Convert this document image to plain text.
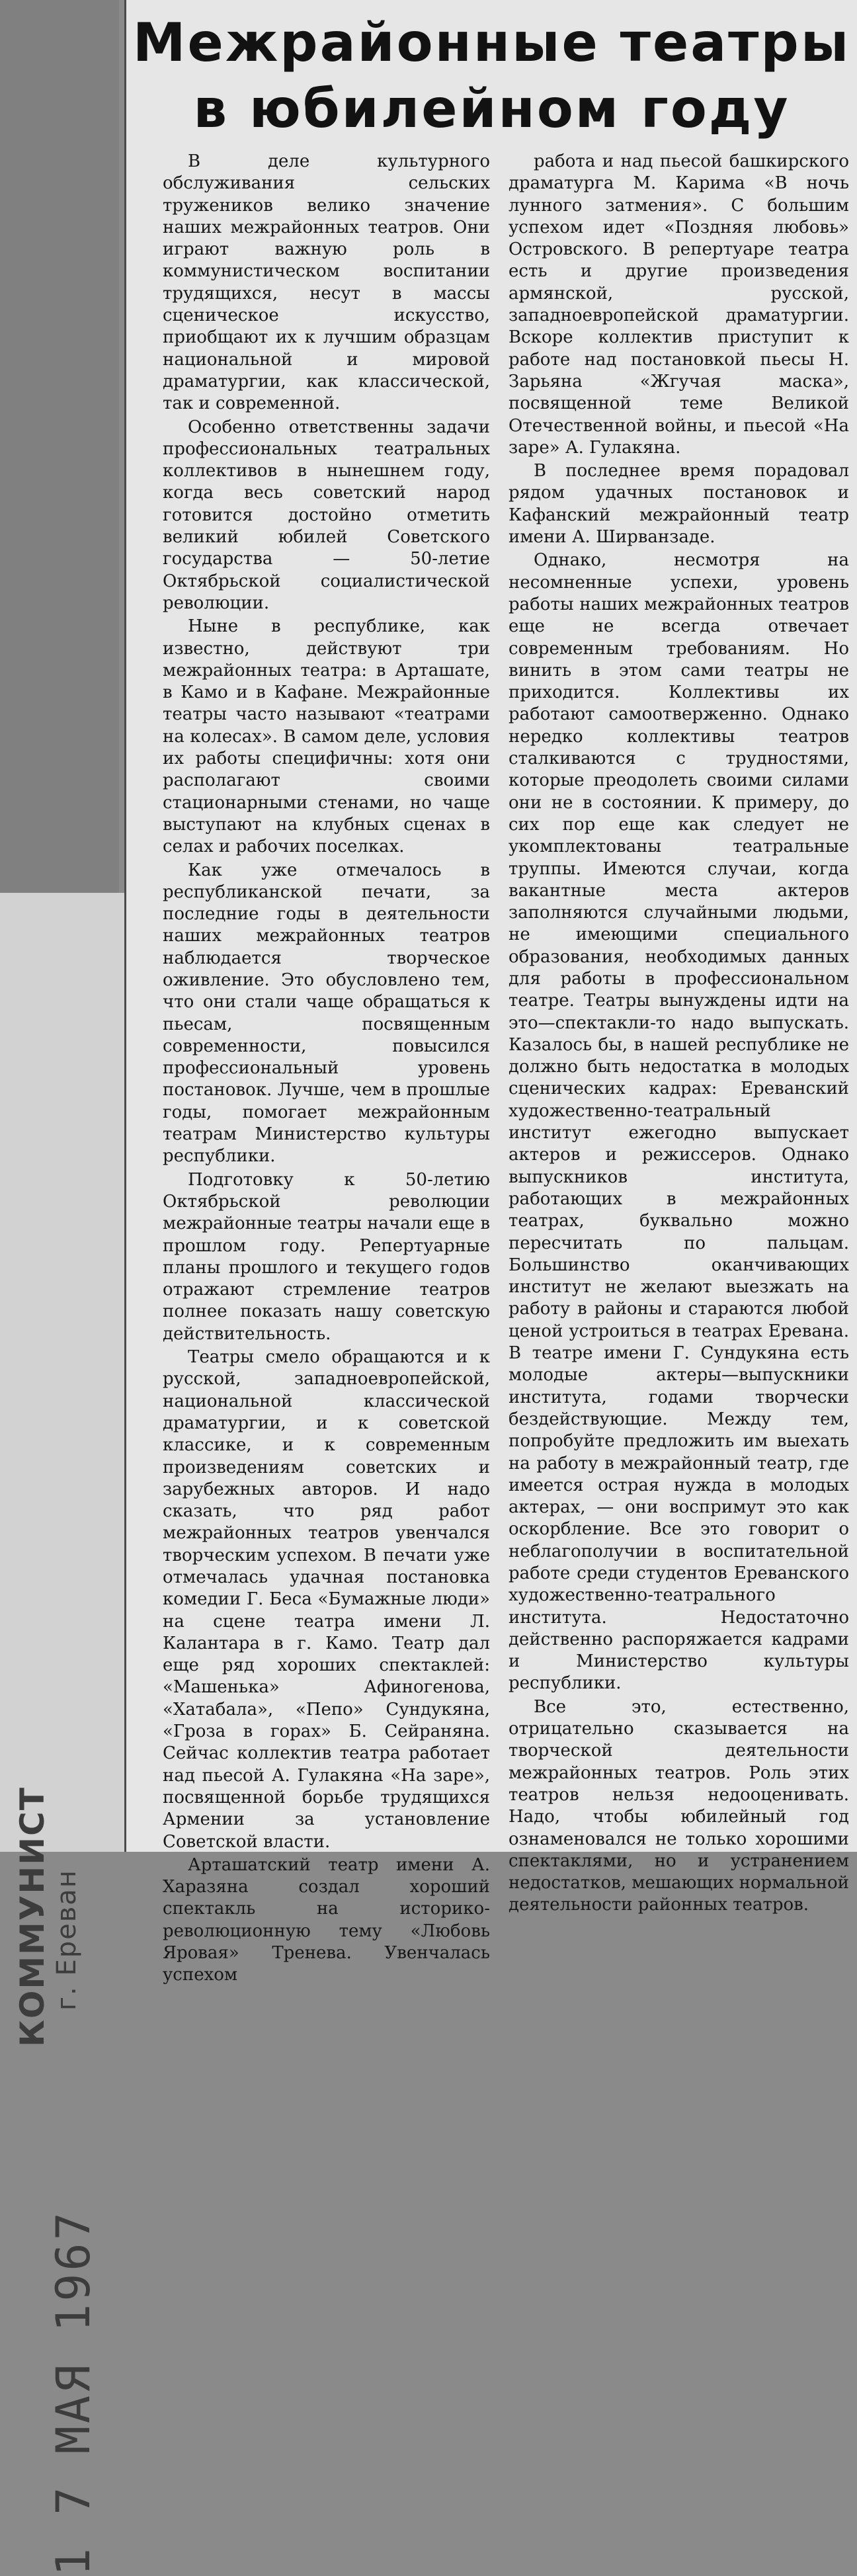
КОММУНИСТ г. Ереван
1 7 МАЯ 1967
Межрайонные театры
в юбилейном году

В деле культурного обслуживания сельских тружеников велико значение наших межрайонных театров. Они играют важную роль в коммунистическом воспитании трудящихся, несут в массы сценическое искусство, приобщают их к лучшим образцам национальной и мировой драматургии, как классической, так и современной.

Особенно ответственны задачи профессиональных театральных коллективов в нынешнем году, когда весь советский народ готовится достойно отметить великий юбилей Советского государства — 50-летие Октябрьской социалистической революции.

Ныне в республике, как известно, действуют три межрайонных театра: в Арташате, в Камо и в Кафане. Межрайонные театры часто называют «театрами на колесах». В самом деле, условия их работы специфичны: хотя они располагают своими стационарными стенами, но чаще выступают на клубных сценах в селах и рабочих поселках.

Как уже отмечалось в республиканской печати, за последние годы в деятельности наших межрайонных театров наблюдается творческое оживление. Это обусловлено тем, что они стали чаще обращаться к пьесам, посвященным современности, повысился профессиональный уровень постановок. Лучше, чем в прошлые годы, помогает межрайонным театрам Министерство культуры республики.

Подготовку к 50-летию Октябрьской революции межрайонные театры начали еще в прошлом году. Репертуарные планы прошлого и текущего годов отражают стремление театров полнее показать нашу советскую действительность.

Театры смело обращаются и к русской, западноевропейской, национальной классической драматургии, и к советской классике, и к современным произведениям советских и зарубежных авторов. И надо сказать, что ряд работ межрайонных театров увенчался творческим успехом. В печати уже отмечалась удачная постановка комедии Г. Беса «Бумажные люди» на сцене театра имени Л. Калантара в г. Камо. Театр дал еще ряд хороших спектаклей: «Машенька» Афиногенова, «Хатабала», «Пепо» Сундукяна, «Гроза в горах» Б. Сейраняна. Сейчас коллектив театра работает над пьесой А. Гулакяна «На заре», посвященной борьбе трудящихся Армении за установление Советской власти.

Арташатский театр имени А. Харазяна создал хороший спектакль на историко-революционную тему «Любовь Яровая» Тренева. Увенчалась успехом

работа и над пьесой башкирского драматурга М. Карима «В ночь лунного затмения». С большим успехом идет «Поздняя любовь» Островского. В репертуаре театра есть и другие произведения армянской, русской, западноевропейской драматургии. Вскоре коллектив приступит к работе над постановкой пьесы Н. Зарьяна «Жгучая маска», посвященной теме Великой Отечественной войны, и пьесой «На заре» А. Гулакяна.

В последнее время порадовал рядом удачных постановок и Кафанский межрайонный театр имени А. Ширванзаде.

Однако, несмотря на несомненные успехи, уровень работы наших межрайонных театров еще не всегда отвечает современным требованиям. Но винить в этом сами театры не приходится. Коллективы их работают самоотверженно. Однако нередко коллективы театров сталкиваются с трудностями, которые преодолеть своими силами они не в состоянии. К примеру, до сих пор еще как следует не укомплектованы театральные труппы. Имеются случаи, когда вакантные места актеров заполняются случайными людьми, не имеющими специального образования, необходимых данных для работы в профессиональном театре. Театры вынуждены идти на это—спектакли-то надо выпускать. Казалось бы, в нашей республике не должно быть недостатка в молодых сценических кадрах: Ереванский художественно-театральный институт ежегодно выпускает актеров и режиссеров. Однако выпускников института, работающих в межрайонных театрах, буквально можно пересчитать по пальцам. Большинство оканчивающих институт не желают выезжать на работу в районы и стараются любой ценой устроиться в театрах Еревана. В театре имени Г. Сундукяна есть молодые актеры—выпускники института, годами творчески бездействующие. Между тем, попробуйте предложить им выехать на работу в межрайонный театр, где имеется острая нужда в молодых актерах, — они воспримут это как оскорбление. Все это говорит о неблагополучии в воспитательной работе среди студентов Ереванского художественно-театрального института. Недостаточно действенно распоряжается кадрами и Министерство культуры республики.

Все это, естественно, отрицательно сказывается на творческой деятельности межрайонных театров. Роль этих театров нельзя недооценивать. Надо, чтобы юбилейный год ознаменовался не только хорошими спектаклями, но и устранением недостатков, мешающих нормальной деятельности районных театров.
